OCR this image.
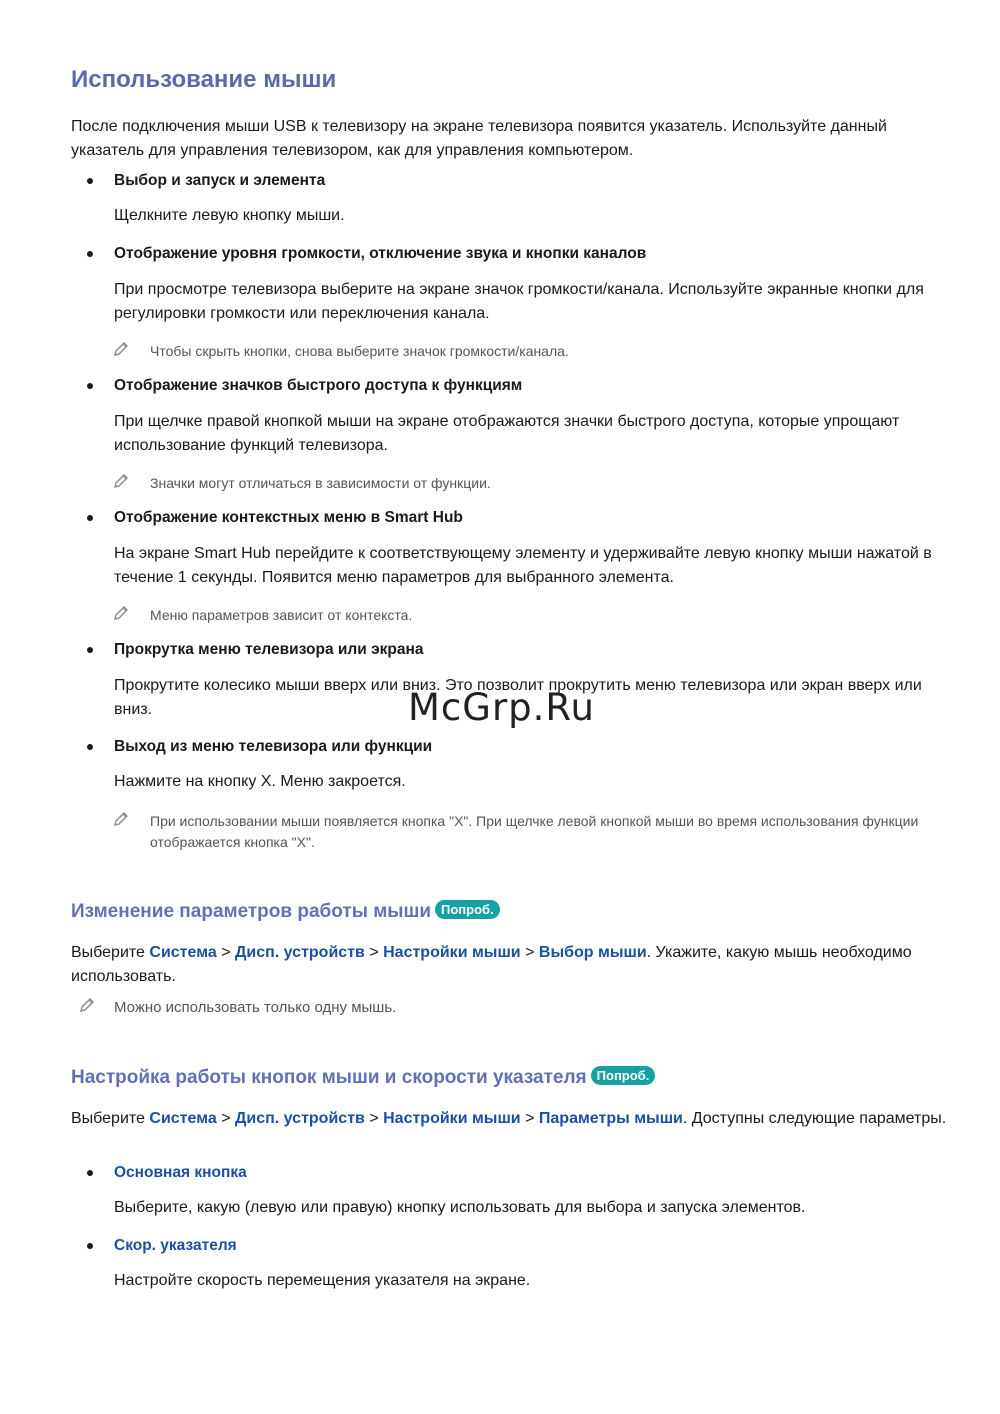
Использование мыши

После подключения мыши USB к телевизору на экране телевизора появится указатель. Используйте данный указатель для управления телевизором, как для управления компьютером.

Выбор и запуск и элемента

Щелкните левую кнопку мыши.

Отображение уровня громкости, отключение звука и кнопки каналов

При просмотре телевизора выберите на экране значок громкости/канала. Используйте экранные кнопки для регулировки громкости или переключения канала.

Чтобы скрыть кнопки, снова выберите значок громкости/канала.

Отображение значков быстрого доступа к функциям

При щелчке правой кнопкой мыши на экране отображаются значки быстрого доступа, которые упрощают использование функций телевизора.

Значки могут отличаться в зависимости от функции.

Отображение контекстных меню в Smart Hub

На экране Smart Hub перейдите к соответствующему элементу и удерживайте левую кнопку мыши нажатой в течение 1 секунды. Появится меню параметров для выбранного элемента.

Меню параметров зависит от контекста.

Прокрутка меню телевизора или экрана

Прокрутите колесико мыши вверх или вниз. Это позволит прокрутить меню телевизора или экран вверх или вниз.	McGrp.Ru
Выход из меню телевизора или функции

Нажмите на кнопку X. Меню закроется.

При использовании мыши появляется кнопка "X". При щелчке левой кнопкой мыши во время использования функции отображается кнопка "X".

Изменение параметров работы мыши Попроб.

Выберите Система > Дисп. устройств > Настройки мыши > Выбор мыши. Укажите, какую мышь необходимо использовать.

Можно использовать только одну мышь.

Настройка работы кнопок мыши и скорости указателя Попроб.

Выберите Система > Дисп. устройств > Настройки мыши > Параметры мыши. Доступны следующие параметры.

Основная кнопка

Выберите, какую (левую или правую) кнопку использовать для выбора и запуска элементов.

Скор. указателя

Настройте скорость перемещения указателя на экране.
